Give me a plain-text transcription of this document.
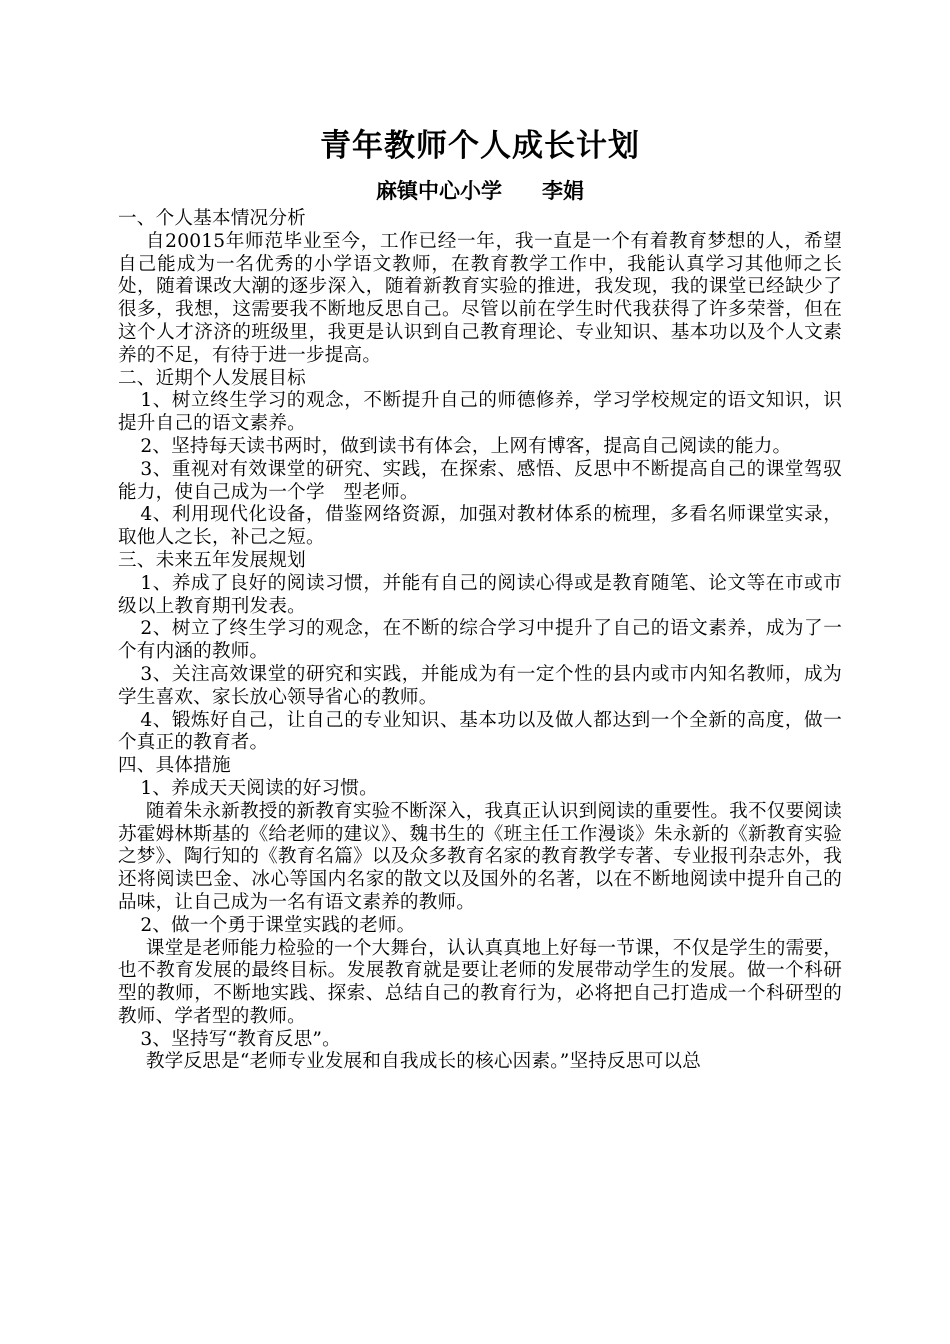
青年教师个人成长计划
麻镇中心小学 李娟

一、个人基本情况分析

自20015年师范毕业至今，工作已经一年，我一直是一个有着教育梦想的人，希望自己能成为一名优秀的小学语文教师，在教育教学工作中，我能认真学习其他师之长处，随着课改大潮的逐步深入，随着新教育实验的推进，我发现，我的课堂已经缺少了很多，我想，这需要我不断地反思自己。尽管以前在学生时代我获得了许多荣誉，但在这个人才济济的班级里，我更是认识到自己教育理论、专业知识、基本功以及个人文素养的不足，有待于进一步提高。

二、近期个人发展目标

1、树立终生学习的观念，不断提升自己的师德修养，学习学校规定的语文知识，识提升自己的语文素养。

2、坚持每天读书两时，做到读书有体会，上网有博客，提高自己阅读的能力。

3、重视对有效课堂的研究、实践，在探索、感悟、反思中不断提高自己的课堂驾驭能力，使自己成为一个学　型老师。

4、利用现代化设备，借鉴网络资源，加强对教材体系的梳理，多看名师课堂实录，取他人之长，补己之短。

三、未来五年发展规划

1、养成了良好的阅读习惯，并能有自己的阅读心得或是教育随笔、论文等在市或市级以上教育期刊发表。

2、树立了终生学习的观念，在不断的综合学习中提升了自己的语文素养，成为了一个有内涵的教师。

3、关注高效课堂的研究和实践，并能成为有一定个性的县内或市内知名教师，成为学生喜欢、家长放心领导省心的教师。

4、锻炼好自己，让自己的专业知识、基本功以及做人都达到一个全新的高度，做一个真正的教育者。

四、具体措施

1、养成天天阅读的好习惯。

随着朱永新教授的新教育实验不断深入，我真正认识到阅读的重要性。我不仅要阅读苏霍姆林斯基的《给老师的建议》、魏书生的《班主任工作漫谈》朱永新的《新教育实验之梦》、陶行知的《教育名篇》以及众多教育名家的教育教学专著、专业报刊杂志外，我还将阅读巴金、冰心等国内名家的散文以及国外的名著，以在不断地阅读中提升自己的品味，让自己成为一名有语文素养的教师。

2、做一个勇于课堂实践的老师。

课堂是老师能力检验的一个大舞台，认认真真地上好每一节课，不仅是学生的需要，也不教育发展的最终目标。发展教育就是要让老师的发展带动学生的发展。做一个科研型的教师，不断地实践、探索、总结自己的教育行为，必将把自己打造成一个科研型的教师、学者型的教师。

3、坚持写“教育反思”。

教学反思是“老师专业发展和自我成长的核心因素。”坚持反思可以总
